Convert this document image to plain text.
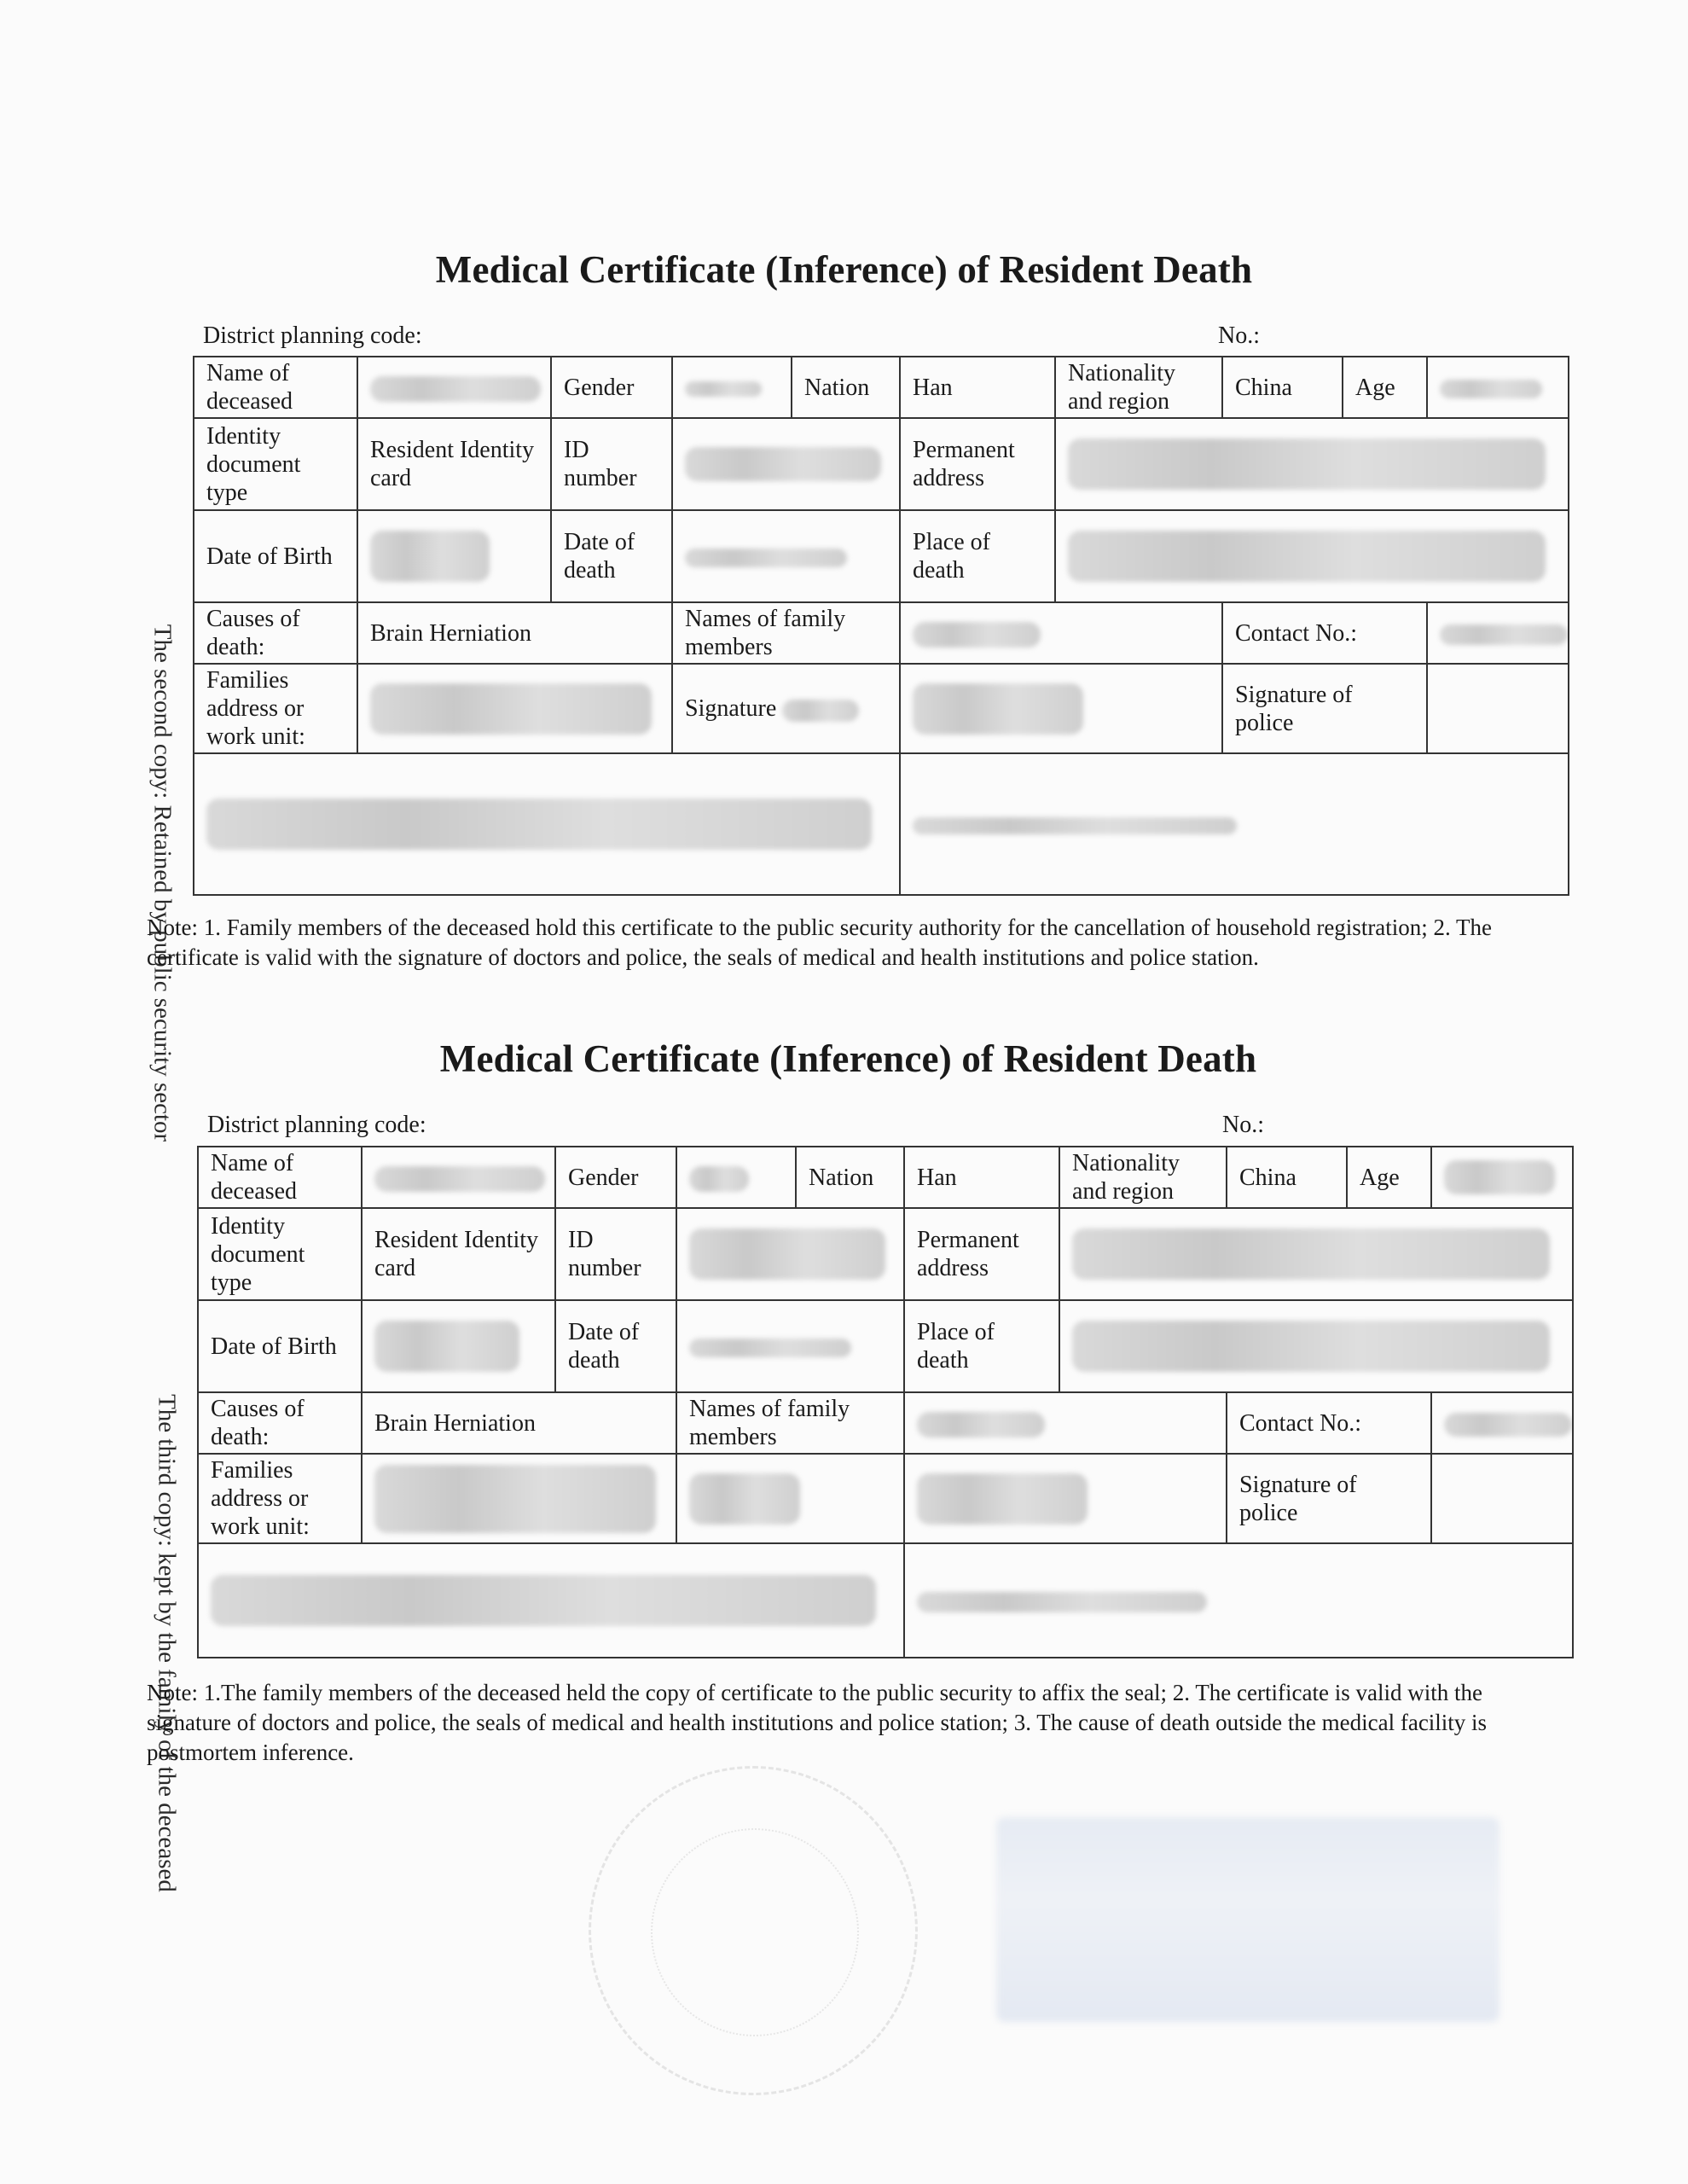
Medical Certificate (Inference) of Resident Death
District planning code:	No.:
The second copy: Retained by public security sector
Name of deceased		Gender		Nation	Han	Nationality and region	China	Age	
Identity document type	Resident Identity card	ID number			Permanent address				
Date of Birth		Date of death			Place of death				
Causes of death:	Brain Herniation		Names of family members				Contact No.:		
Families address or work unit:			Signature				Signature of police		

Note: 1. Family members of the deceased hold this certificate to the public security authority for the cancellation of household registration; 2. The certificate is valid with the signature of doctors and police, the seals of medical and health institutions and police station.
Medical Certificate (Inference) of Resident Death
District planning code:	No.:
The third copy: kept by the family of the deceased
Name of deceased		Gender		Nation	Han	Nationality and region	China	Age	
Identity document type	Resident Identity card	ID number			Permanent address				
Date of Birth		Date of death			Place of death				
Causes of death:	Brain Herniation		Names of family members				Contact No.:		
Families address or work unit:							Signature of police		

Note: 1.The family members of the deceased held the copy of certificate to the public security to affix the seal; 2. The certificate is valid with the signature of doctors and police, the seals of medical and health institutions and police station; 3. The cause of death outside the medical facility is postmortem inference.
